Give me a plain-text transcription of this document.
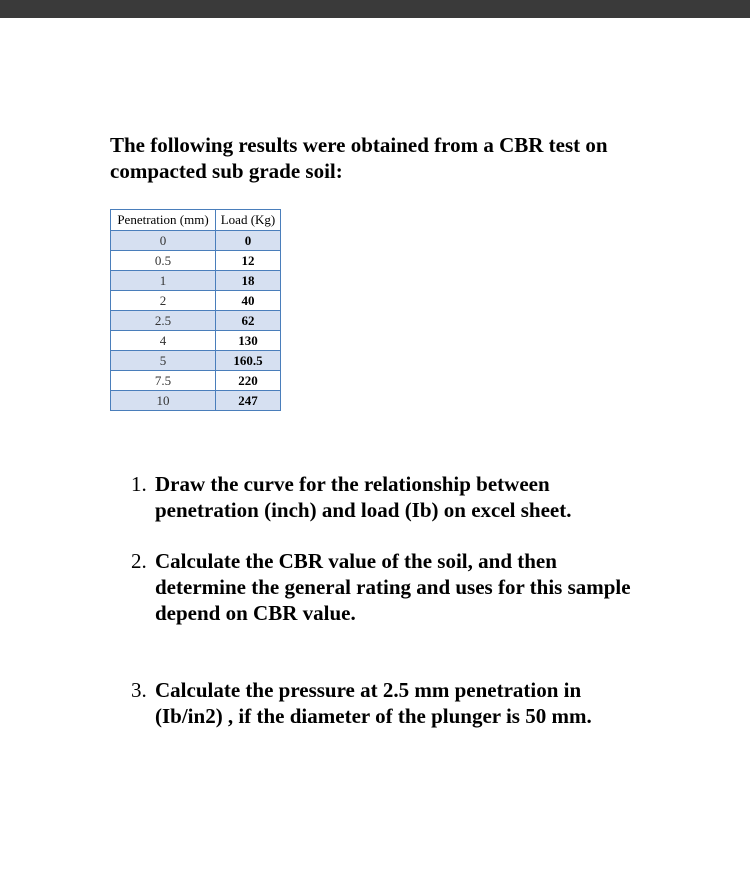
The following results were obtained from a CBR test on compacted sub grade soil:
Penetration (mm)	Load (Kg)
0	0
0.5	12
1	18
2	40
2.5	62
4	130
5	160.5
7.5	220
10	247
1. Draw the curve for the relationship between penetration (inch) and load (Ib) on excel sheet.
2. Calculate the CBR value of the soil, and then determine the general rating and uses for this sample depend on CBR value.
3. Calculate the pressure at 2.5 mm penetration in (Ib/in2) , if the diameter of the plunger is 50 mm.
